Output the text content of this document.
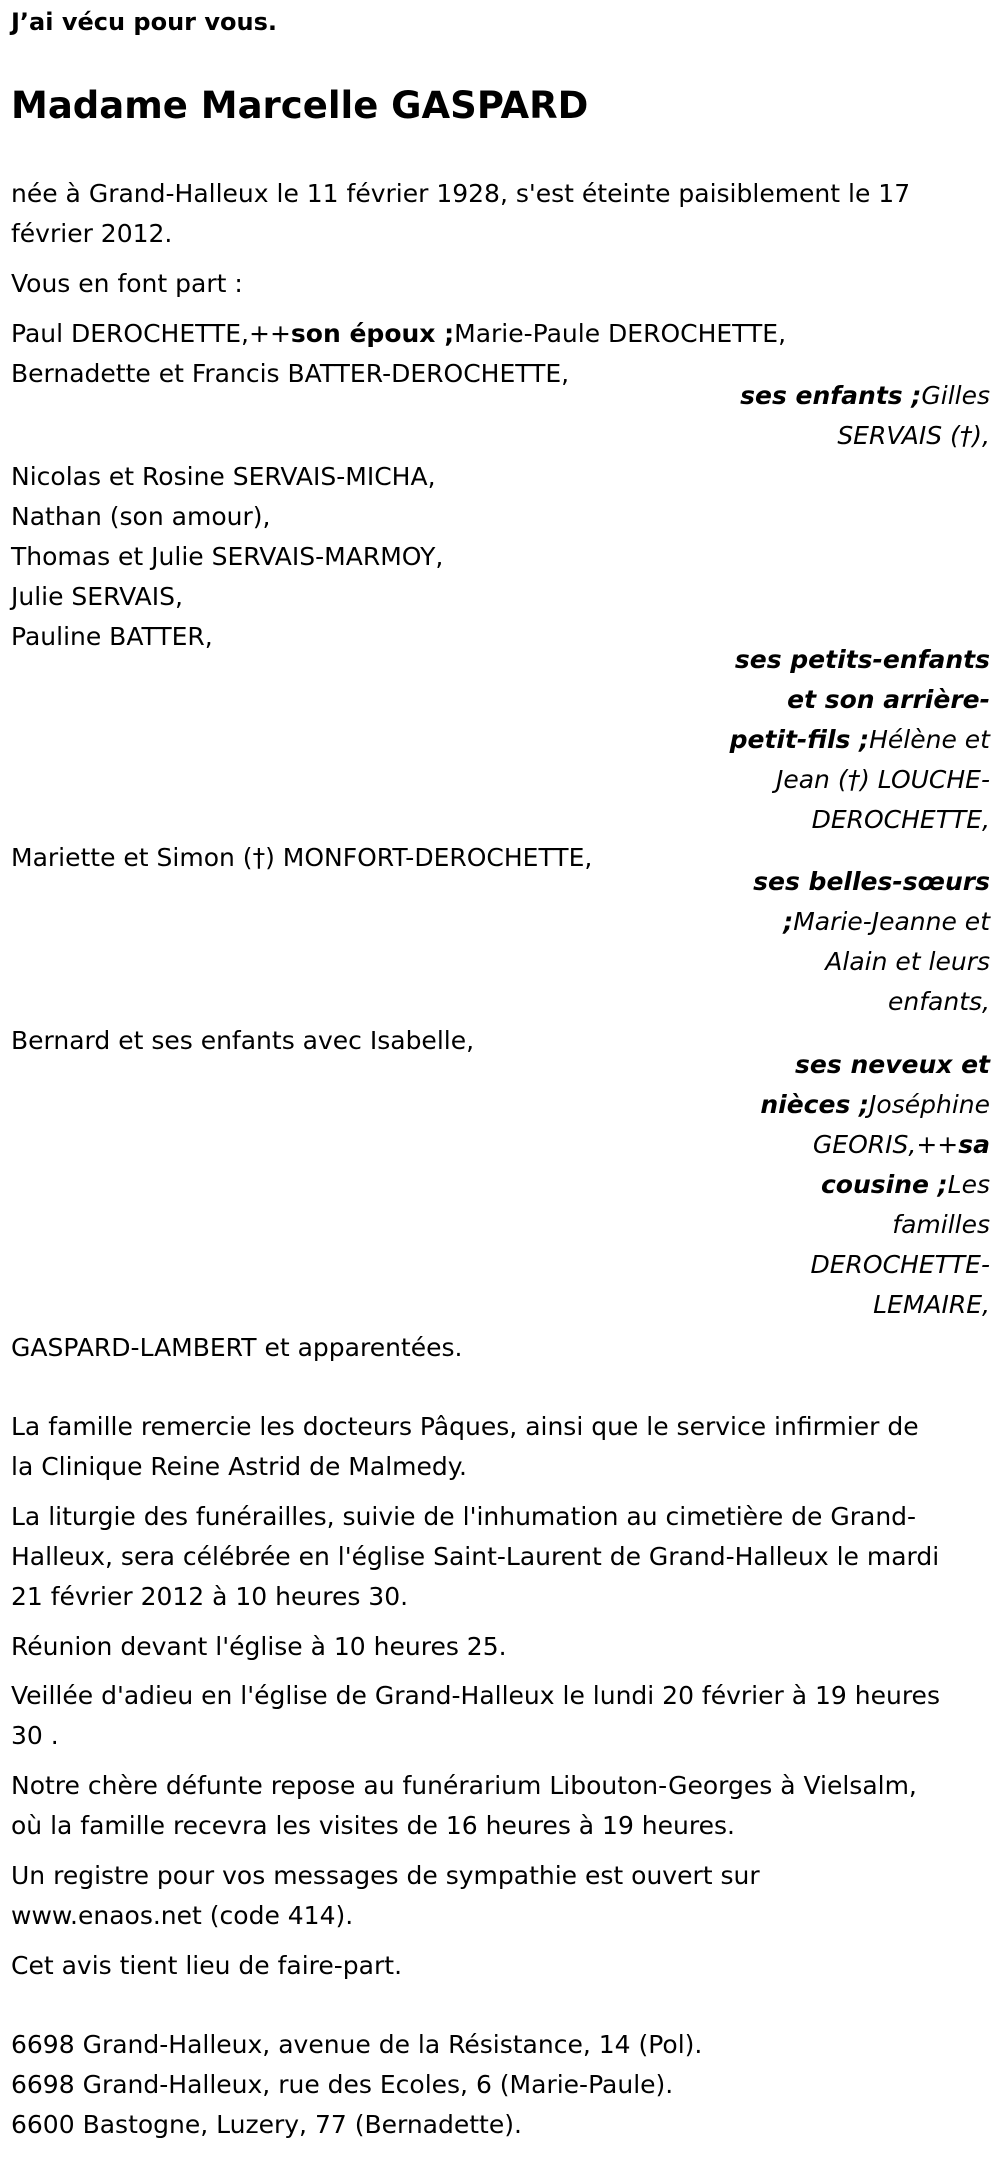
J’ai vécu pour vous.
Madame Marcelle GASPARD

née à Grand-Halleux le 11 février 1928, s'est éteinte paisiblement le 17

février 2012.

Vous en font part :

Paul DEROCHETTE,++son époux ;Marie-Paule DEROCHETTE,

Bernadette et Francis BATTER-DEROCHETTE,

ses enfants ;Gilles
SERVAIS (†),

Nicolas et Rosine SERVAIS-MICHA,

Nathan (son amour),

Thomas et Julie SERVAIS-MARMOY,

Julie SERVAIS,

Pauline BATTER,

ses petits-enfants
et son arrière-
petit-fils ;Hélène et
Jean (†) LOUCHE-
DEROCHETTE,

Mariette et Simon (†) MONFORT-DEROCHETTE,

ses belles-sœurs
;Marie-Jeanne et
Alain et leurs
enfants,

Bernard et ses enfants avec Isabelle,

ses neveux et
nièces ;Joséphine
GEORIS,++sa
cousine ;Les
familles
DEROCHETTE-
LEMAIRE,

GASPARD-LAMBERT et apparentées.

La famille remercie les docteurs Pâques, ainsi que le service infirmier de

la Clinique Reine Astrid de Malmedy.

La liturgie des funérailles, suivie de l'inhumation au cimetière de Grand-

Halleux, sera célébrée en l'église Saint-Laurent de Grand-Halleux le mardi

21 février 2012 à 10 heures 30.

Réunion devant l'église à 10 heures 25.

Veillée d'adieu en l'église de Grand-Halleux le lundi 20 février à 19 heures

30 .

Notre chère défunte repose au funérarium Libouton-Georges à Vielsalm,

où la famille recevra les visites de 16 heures à 19 heures.

Un registre pour vos messages de sympathie est ouvert sur

www.enaos.net (code 414).

Cet avis tient lieu de faire-part.

6698 Grand-Halleux, avenue de la Résistance, 14 (Pol).

6698 Grand-Halleux, rue des Ecoles, 6 (Marie-Paule).

6600 Bastogne, Luzery, 77 (Bernadette).
